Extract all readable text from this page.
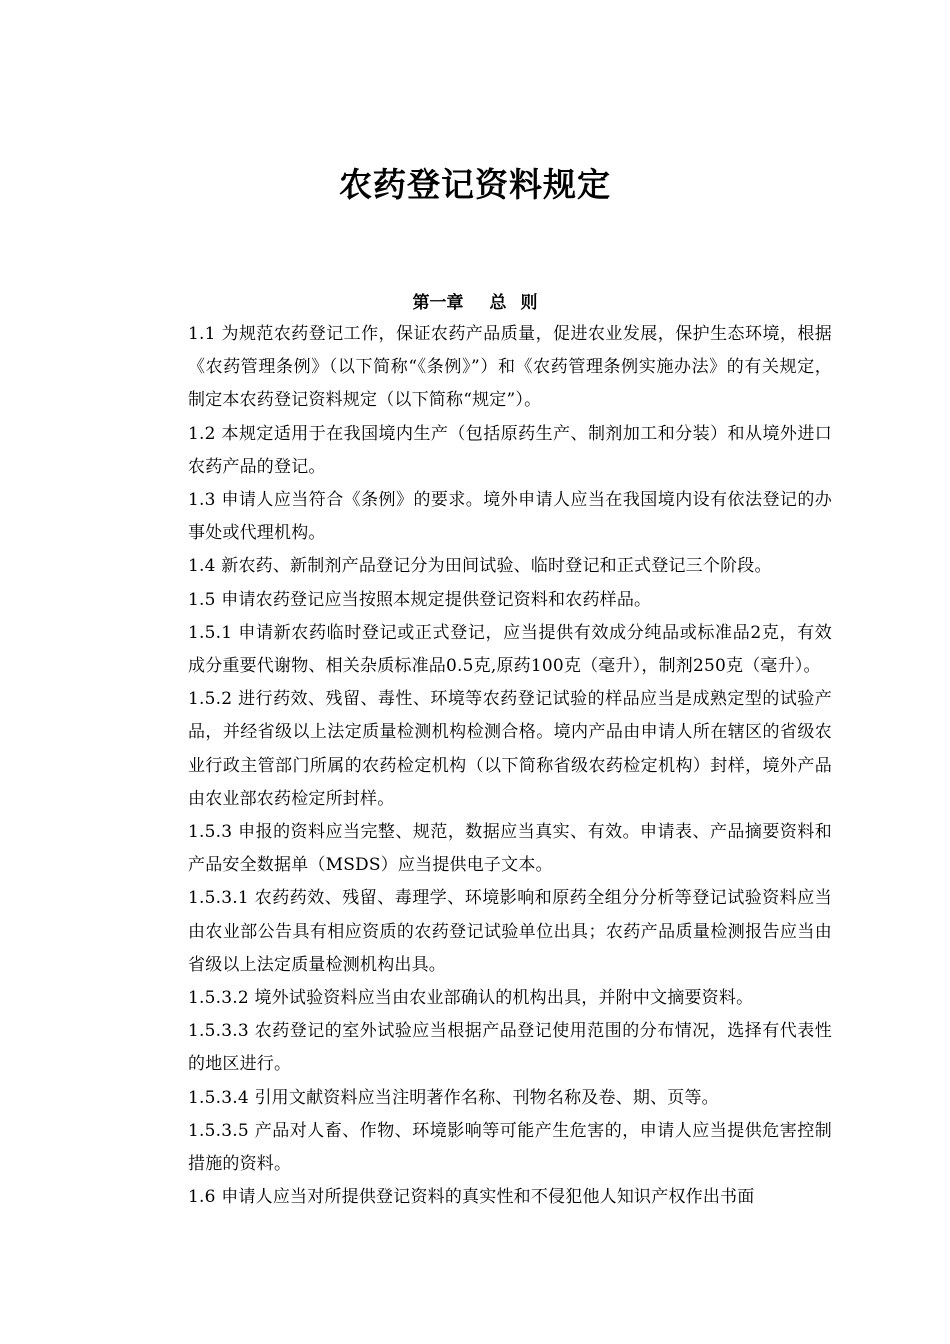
农药登记资料规定
第一章 总 则

1.1 为规范农药登记工作，保证农药产品质量，促进农业发展，保护生态环境，根据《农药管理条例》（以下简称“《条例》”）和《农药管理条例实施办法》的有关规定，制定本农药登记资料规定（以下简称“规定”）。

1.2 本规定适用于在我国境内生产（包括原药生产、制剂加工和分装）和从境外进口农药产品的登记。

1.3 申请人应当符合《条例》的要求。境外申请人应当在我国境内设有依法登记的办事处或代理机构。

1.4 新农药、新制剂产品登记分为田间试验、临时登记和正式登记三个阶段。

1.5 申请农药登记应当按照本规定提供登记资料和农药样品。

1.5.1 申请新农药临时登记或正式登记，应当提供有效成分纯品或标准品2克，有效成分重要代谢物、相关杂质标准品0.5克,原药100克（毫升），制剂250克（毫升）。

1.5.2 进行药效、残留、毒性、环境等农药登记试验的样品应当是成熟定型的试验产品，并经省级以上法定质量检测机构检测合格。境内产品由申请人所在辖区的省级农业行政主管部门所属的农药检定机构（以下简称省级农药检定机构）封样，境外产品由农业部农药检定所封样。

1.5.3 申报的资料应当完整、规范，数据应当真实、有效。申请表、产品摘要资料和产品安全数据单（MSDS）应当提供电子文本。

1.5.3.1 农药药效、残留、毒理学、环境影响和原药全组分分析等登记试验资料应当由农业部公告具有相应资质的农药登记试验单位出具；农药产品质量检测报告应当由省级以上法定质量检测机构出具。

1.5.3.2 境外试验资料应当由农业部确认的机构出具，并附中文摘要资料。

1.5.3.3 农药登记的室外试验应当根据产品登记使用范围的分布情况，选择有代表性的地区进行。

1.5.3.4 引用文献资料应当注明著作名称、刊物名称及卷、期、页等。

1.5.3.5 产品对人畜、作物、环境影响等可能产生危害的，申请人应当提供危害控制措施的资料。

1.6 申请人应当对所提供登记资料的真实性和不侵犯他人知识产权作出书面
